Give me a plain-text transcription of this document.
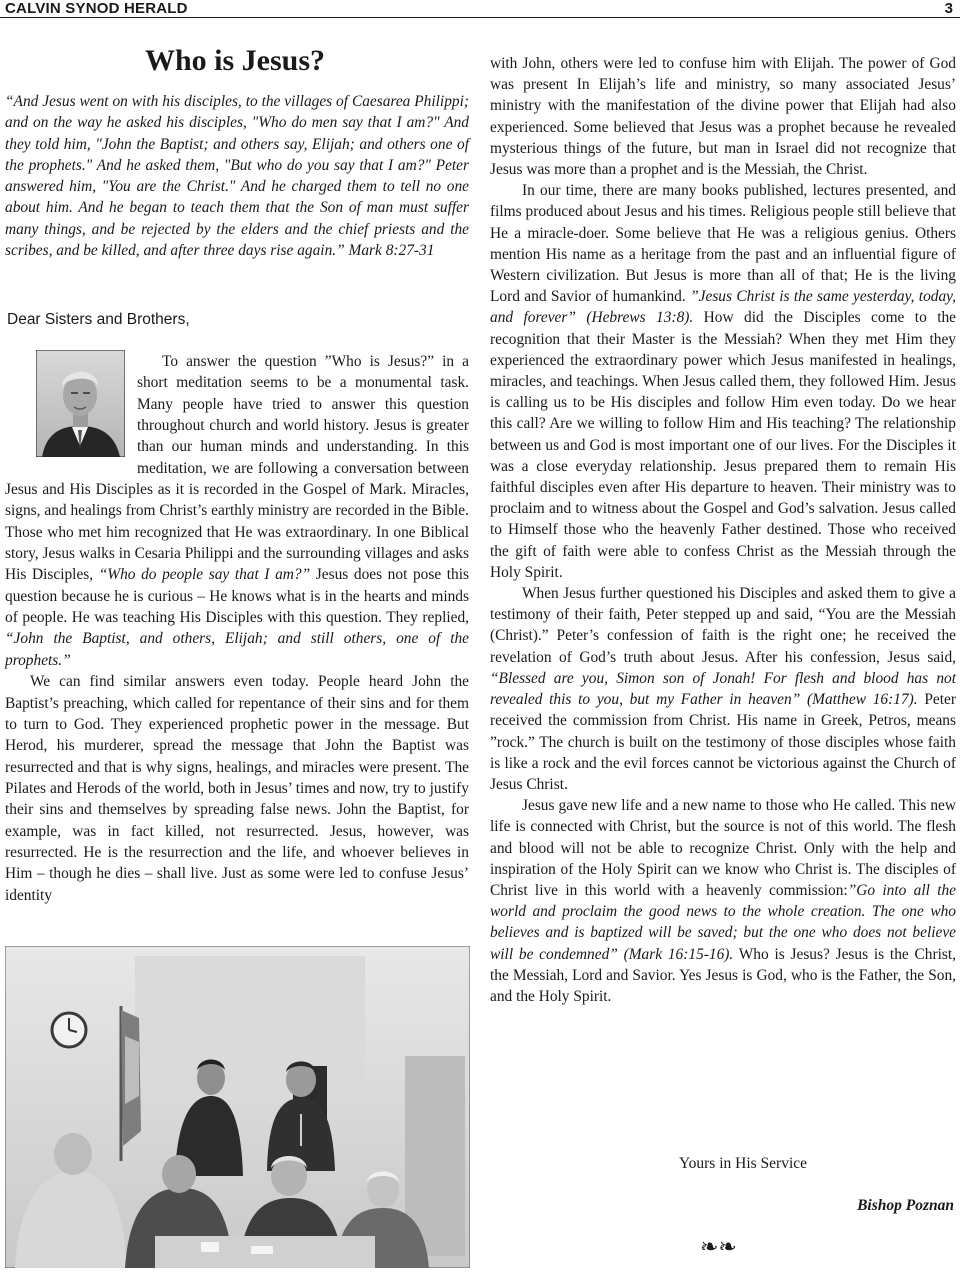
CALVIN SYNOD HERALD	3
Who is Jesus?

“And Jesus went on with his disciples, to the villages of Caesarea Philippi; and on the way he asked his disciples, "Who do men say that I am?" And they told him, "John the Baptist; and others say, Elijah; and others one of the prophets." And he asked them, "But who do you say that I am?" Peter answered him, "You are the Christ." And he charged them to tell no one about him. And he began to teach them that the Son of man must suffer many things, and be rejected by the elders and the chief priests and the scribes, and be killed, and after three days rise again.” Mark 8:27-31

Dear Sisters and Brothers,

To answer the question ”Who is Jesus?” in a short meditation seems to be a monumental task. Many people have tried to answer this question throughout church and world history. Jesus is greater than our human minds and understanding. In this meditation, we are following a conversation between Jesus and His Disciples as it is recorded in the Gospel of Mark. Miracles, signs, and healings from Christ’s earthly ministry are recorded in the Bible. Those who met him recognized that He was extraordinary. In one Biblical story, Jesus walks in Cesaria Philippi and the surrounding villages and asks His Disciples, “Who do people say that I am?” Jesus does not pose this question because he is curious – He knows what is in the hearts and minds of people. He was teaching His Disciples with this question. They replied, “John the Baptist, and others, Elijah; and still others, one of the prophets.”

We can find similar answers even today. People heard John the Baptist’s preaching, which called for repentance of their sins and for them to turn to God. They experienced prophetic power in the message. But Herod, his murderer, spread the message that John the Baptist was resurrected and that is why signs, healings, and miracles were present. The Pilates and Herods of the world, both in Jesus’ times and now, try to justify their sins and themselves by spreading false news. John the Baptist, for example, was in fact killed, not resurrected. Jesus, however, was resurrected. He is the resurrection and the life, and whoever believes in Him – though he dies – shall live. Just as some were led to confuse Jesus’ identity

with John, others were led to confuse him with Elijah. The power of God was present In Elijah’s life and ministry, so many associated Jesus’ ministry with the manifestation of the divine power that Elijah had also experienced. Some believed that Jesus was a prophet because he revealed mysterious things of the future, but man in Israel did not recognize that Jesus was more than a prophet and is the Messiah, the Christ.

In our time, there are many books published, lectures presented, and films produced about Jesus and his times. Religious people still believe that He a miracle-doer. Some believe that He was a religious genius. Others mention His name as a heritage from the past and an influential figure of Western civilization. But Jesus is more than all of that; He is the living Lord and Savior of humankind. ”Jesus Christ is the same yesterday, today, and forever” (Hebrews 13:8). How did the Disciples come to the recognition that their Master is the Messiah? When they met Him they experienced the extraordinary power which Jesus manifested in healings, miracles, and teachings. When Jesus called them, they followed Him. Jesus is calling us to be His disciples and follow Him even today. Do we hear this call? Are we willing to follow Him and His teaching? The relationship between us and God is most important one of our lives. For the Disciples it was a close everyday relationship. Jesus prepared them to remain His faithful disciples even after His departure to heaven. Their ministry was to proclaim and to witness about the Gospel and God’s salvation. Jesus called to Himself those who the heavenly Father destined. Those who received the gift of faith were able to confess Christ as the Messiah through the Holy Spirit.

When Jesus further questioned his Disciples and asked them to give a testimony of their faith, Peter stepped up and said, “You are the Messiah (Christ).” Peter’s confession of faith is the right one; he received the revelation of God’s truth about Jesus. After his confession, Jesus said, “Blessed are you, Simon son of Jonah! For flesh and blood has not revealed this to you, but my Father in heaven” (Matthew 16:17). Peter received the commission from Christ. His name in Greek, Petros, means ”rock.” The church is built on the testimony of those disciples whose faith is like a rock and the evil forces cannot be victorious against the Church of Jesus Christ.

Jesus gave new life and a new name to those who He called. This new life is connected with Christ, but the source is not of this world. The flesh and blood will not be able to recognize Christ. Only with the help and inspiration of the Holy Spirit can we know who Christ is. The disciples of Christ live in this world with a heavenly commission:”Go into all the world and proclaim the good news to the whole creation. The one who believes and is baptized will be saved; but the one who does not believe will be condemned” (Mark 16:15-16). Who is Jesus? Jesus is the Christ, the Messiah, Lord and Savior. Yes Jesus is God, who is the Father, the Son, and the Holy Spirit.

Yours in His Service

Bishop Poznan

❧❧
